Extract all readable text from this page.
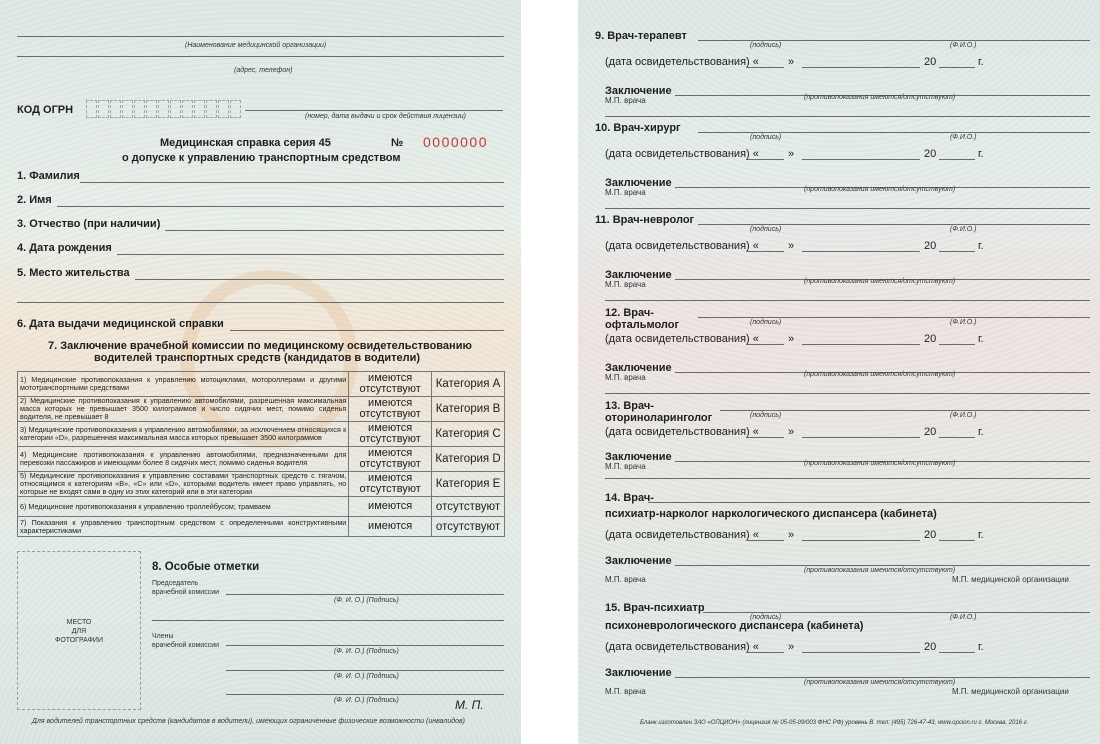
(Наименование медицинской организации)
(адрес, телефон)
КОД ОГРН
(номер, дата выдачи и срок действия лицензии)
Медицинская справка серия 45	№ 0000000
о допуске к управлению транспортным средством
1. Фамилия
2. Имя
3. Отчество (при наличии)
4. Дата рождения
5. Место жительства
6. Дата выдачи медицинской справки
7. Заключение врачебной комиссии по медицинскому освидетельствованию
водителей транспортных средств (кандидатов в водители)
1) Медицинские противопоказания к управлению мотоциклами, мотороллерами и другими мототранспортными средствами	
имеются
отсутствуют	Категория A
2) Медицинские противопоказания к управлению автомобилями, разрешенная максимальная масса которых не превышает 3500 килограммов и число сидячих мест, помимо сиденья водителя, не превышает 8	
имеются
отсутствуют	Категория B
3) Медицинские противопоказания к управлению автомобилями, за исключением относящихся к категории «D», разрешенная максимальная масса которых превышает 3500 килограммов	
имеются
отсутствуют	Категория C
4) Медицинские противопоказания к управлению автомобилями, предназначенными для перевозки пассажиров и имеющими более 8 сидячих мест, помимо сиденья водителя	
имеются
отсутствуют	Категория D
5) Медицинские противопоказания к управлению составами транспортных средств с тягачом, относящимся к категориям «B», «C» или «D», которыми водитель имеет право управлять, но которые не входят сами в одну из этих категорий или в эти категории	
имеются
отсутствуют	Категория E
6) Медицинские противопоказания к управлению троллейбусом; трамваем	имеются	отсутствуют
7) Показания к управлению транспортным средством с определенными конструктивными характеристиками	имеются	отсутствуют
МЕСТО
ДЛЯ
ФОТОГРАФИИ
8. Особые отметки
Председатель
врачебной комиссии
(Ф. И. О.) (Подпись)
Члены
врачебной комиссии
(Ф. И. О.) (Подпись)
(Ф. И. О.) (Подпись)
(Ф. И. О.) (Подпись)	М. П.
Для водителей транспортных средств (кандидатов в водители), имеющих ограниченные физические возможности (инвалидов)
9. Врач-терапевт
(подпись)	(Ф.И.О.)
(дата освидетельствования) «	»	20	г.
Заключение
М.П. врача	(противопоказания имеются/отсутствуют)
10. Врач-хирург
(подпись)	(Ф.И.О.)
(дата освидетельствования) «	»	20	г.
Заключение
М.П. врача	(противопоказания имеются/отсутствуют)
11. Врач-невролог
(подпись)	(Ф.И.О.)
(дата освидетельствования) «	»	20	г.
Заключение
М.П. врача	(противопоказания имеются/отсутствуют)
12. Врач-
офтальмолог	(подпись)	(Ф.И.О.)
(дата освидетельствования) «	»	20	г.
Заключение
М.П. врача	(противопоказания имеются/отсутствуют)
13. Врач-
оториноларинголог	(подпись)	(Ф.И.О.)
(дата освидетельствования) «	»	20	г.
Заключение
М.П. врача	(противопоказания имеются/отсутствуют)
14. Врач-
психиатр-нарколог наркологического диспансера (кабинета)
(дата освидетельствования) «	»	20	г.
Заключение
(противопоказания имеются/отсутствуют)
М.П. врача	М.П. медицинской организации
15. Врач-психиатр
(подпись)	(Ф.И.О.)
психоневрологического диспансера (кабинета)
(дата освидетельствования) «	»	20	г.
Заключение
(противопоказания имеются/отсутствуют)
М.П. врача	М.П. медицинской организации
Бланк изготовлен ЗАО «ОПЦИОН» (лицензия № 05-05-09/003 ФНС РФ) уровень В. тел: (495) 726-47-43, www.opcion.ru г. Москва, 2016 г.
